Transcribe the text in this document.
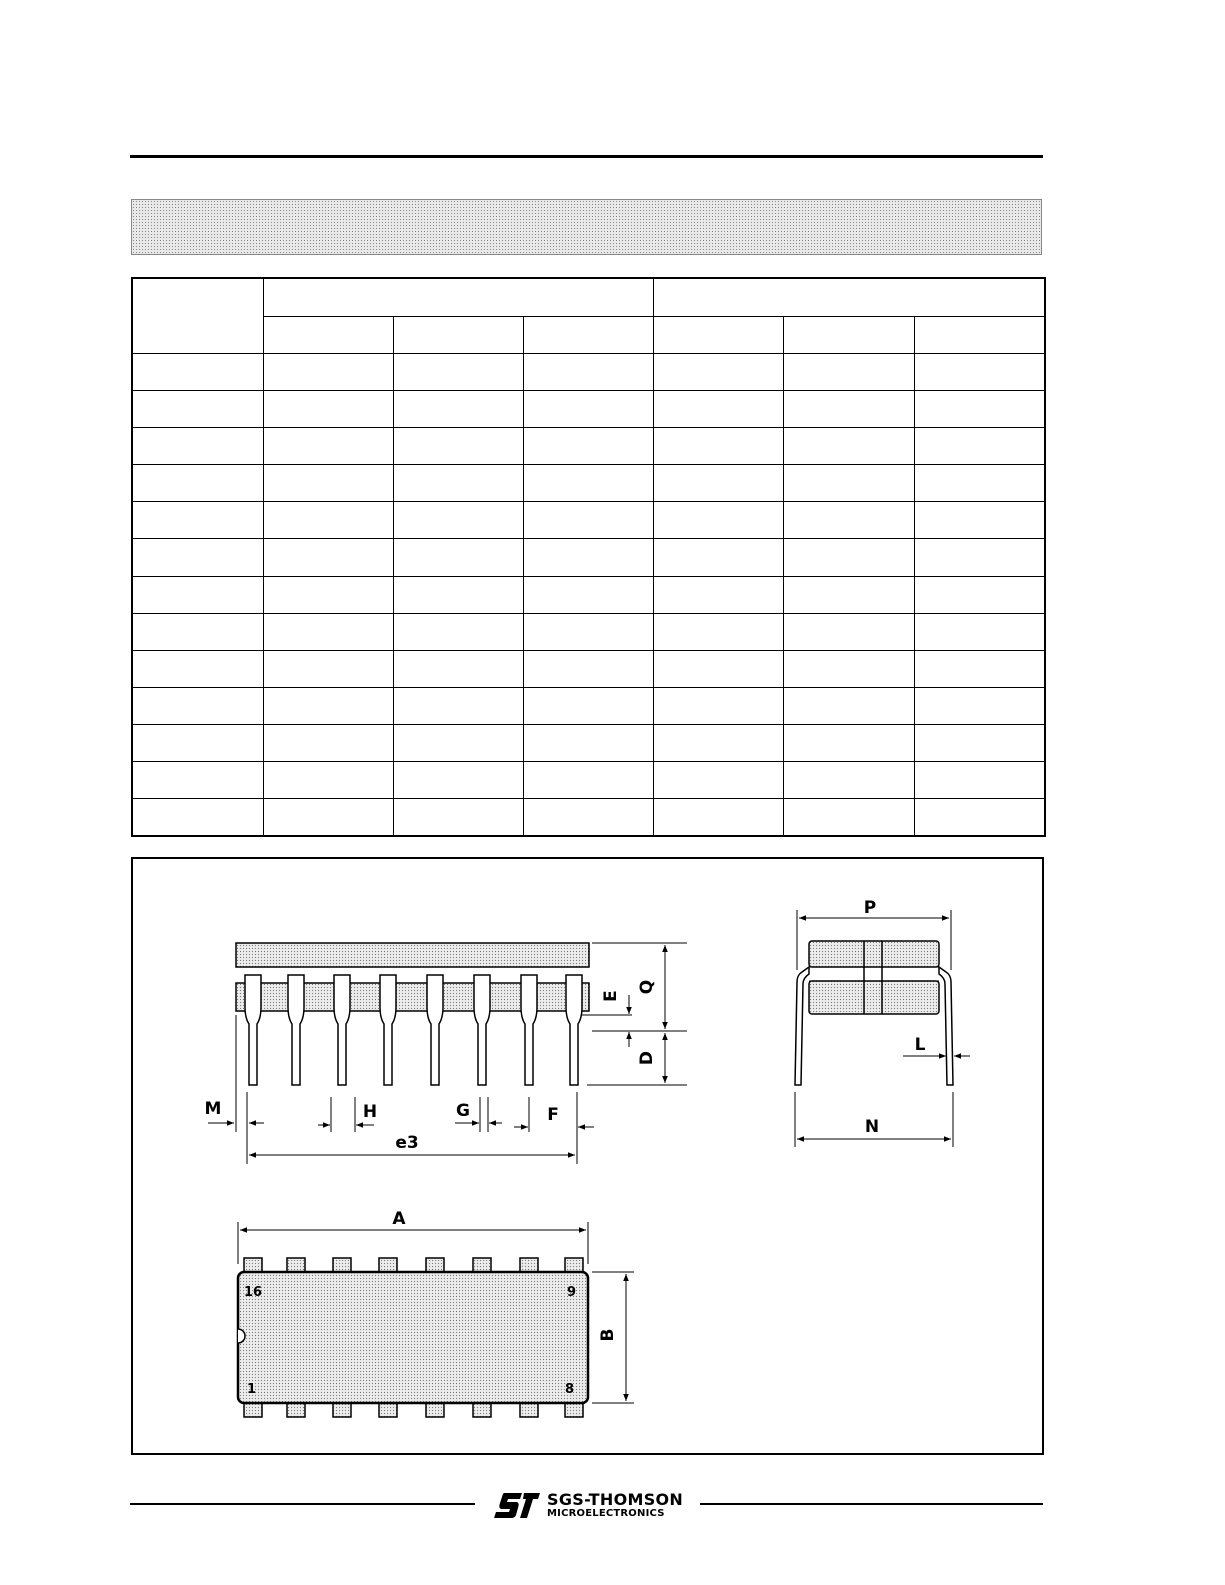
Q
E
D
M	H	G	F
e3
P
L
N
A
B
16	9
1	8
SGS-THOMSON
MICROELECTRONICS
